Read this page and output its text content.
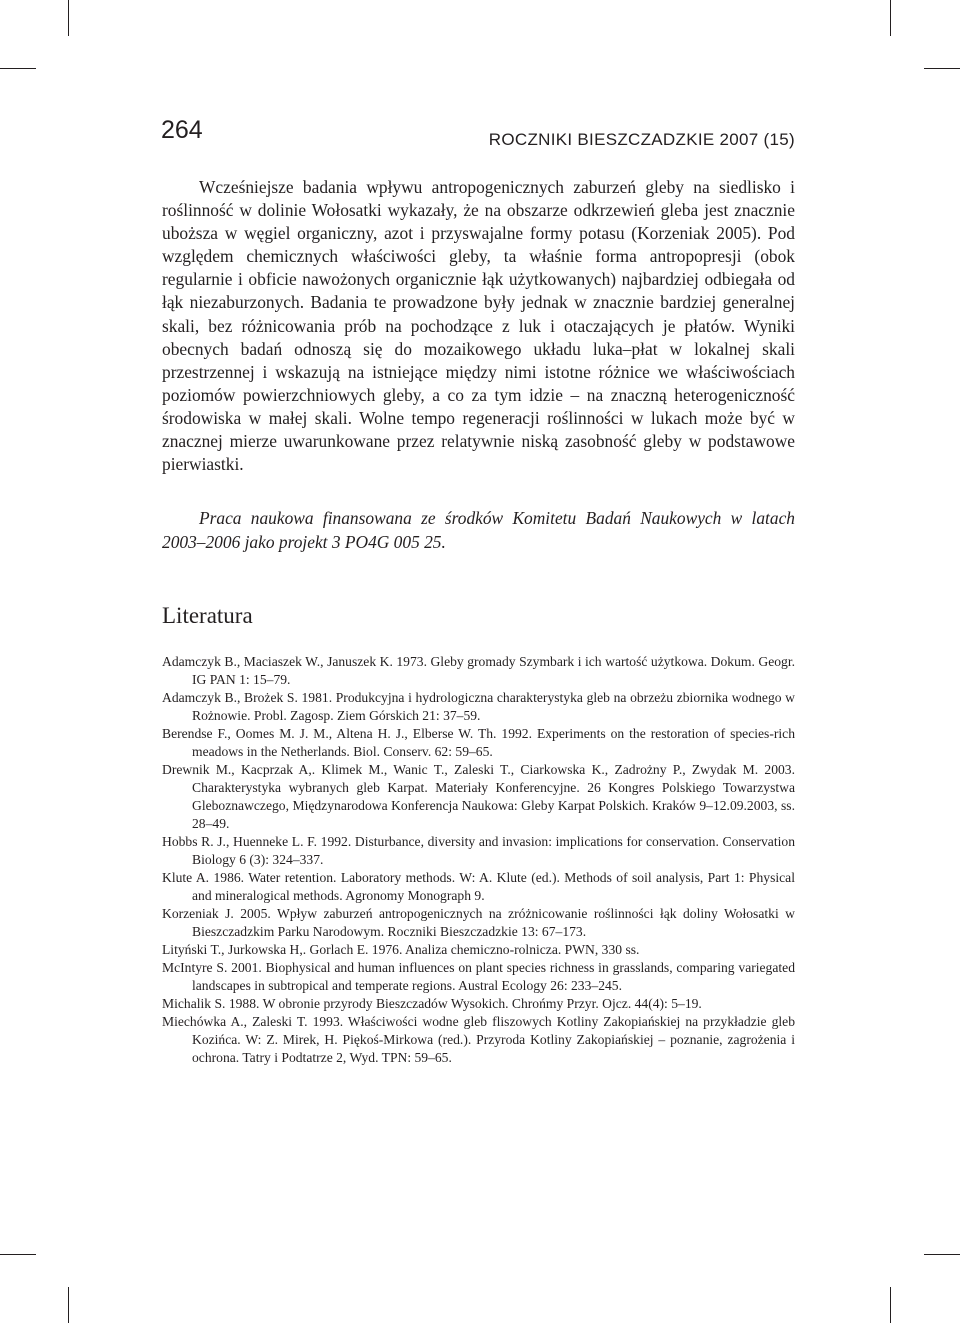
264	ROCZNIKI BIESZCZADZKIE 2007 (15)

Wcześniejsze badania wpływu antropogenicznych zaburzeń gleby na siedlisko i roślinność w dolinie Wołosatki wykazały, że na obszarze odkrzewień gleba jest znacznie uboższa w węgiel organiczny, azot i przyswajalne formy potasu (Korzeniak 2005). Pod względem chemicznych właściwości gleby, ta właśnie forma antropopresji (obok regularnie i obficie nawożonych organicznie łąk użytkowanych) najbardziej odbiegała od łąk niezaburzonych. Badania te prowadzone były jednak w znacznie bardziej generalnej skali, bez różnicowania prób na pochodzące z luk i otaczających je płatów. Wyniki obecnych badań odnoszą się do mozaikowego układu luka–płat w lokalnej skali przestrzennej i wskazują na istniejące między nimi istotne różnice we właściwościach poziomów powierzchniowych gleby, a co za tym idzie – na znaczną heterogeniczność środowiska w małej skali. Wolne tempo regeneracji roślinności w lukach może być w znacznej mierze uwarunkowane przez relatywnie niską zasobność gleby w podstawowe pierwiastki.

Praca naukowa finansowana ze środków Komitetu Badań Naukowych w latach 2003–2006 jako projekt 3 PO4G 005 25.

Literatura
Adamczyk B., Maciaszek W., Januszek K. 1973. Gleby gromady Szymbark i ich wartość użytkowa. Dokum. Geogr. IG PAN 1: 15–79.
Adamczyk B., Brożek S. 1981. Produkcyjna i hydrologiczna charakterystyka gleb na obrzeżu zbiornika wodnego w Rożnowie. Probl. Zagosp. Ziem Górskich 21: 37–59.
Berendse F., Oomes M. J. M., Altena H. J., Elberse W. Th. 1992. Experiments on the restoration of species-rich meadows in the Netherlands. Biol. Conserv. 62: 59–65.
Drewnik M., Kacprzak A,. Klimek M., Wanic T., Zaleski T., Ciarkowska K., Zadrożny P., Zwydak M. 2003. Charakterystyka wybranych gleb Karpat. Materiały Konferencyjne. 26 Kongres Polskiego Towarzystwa Gleboznawczego, Międzynarodowa Konferencja Naukowa: Gleby Karpat Polskich. Kraków 9–12.09.2003, ss. 28–49.
Hobbs R. J., Huenneke L. F. 1992. Disturbance, diversity and invasion: implications for conservation. Conservation Biology 6 (3): 324–337.
Klute A. 1986. Water retention. Laboratory methods. W: A. Klute (ed.). Methods of soil analysis, Part 1: Physical and mineralogical methods. Agronomy Monograph 9.
Korzeniak J. 2005. Wpływ zaburzeń antropogenicznych na zróżnicowanie roślinności łąk doliny Wołosatki w Bieszczadzkim Parku Narodowym. Roczniki Bieszczadzkie 13: 67–173.
Lityński T., Jurkowska H,. Gorlach E. 1976. Analiza chemiczno-rolnicza. PWN, 330 ss.
McIntyre S. 2001. Biophysical and human influences on plant species richness in grasslands, comparing variegated landscapes in subtropical and temperate regions. Austral Ecology 26: 233–245.
Michalik S. 1988. W obronie przyrody Bieszczadów Wysokich. Chrońmy Przyr. Ojcz. 44(4): 5–19.
Miechówka A., Zaleski T. 1993. Właściwości wodne gleb fliszowych Kotliny Zakopiańskiej na przykładzie gleb Kozińca. W: Z. Mirek, H. Piękoś-Mirkowa (red.). Przyroda Kotliny Zakopiańskiej – poznanie, zagrożenia i ochrona. Tatry i Podtatrze 2, Wyd. TPN: 59–65.
